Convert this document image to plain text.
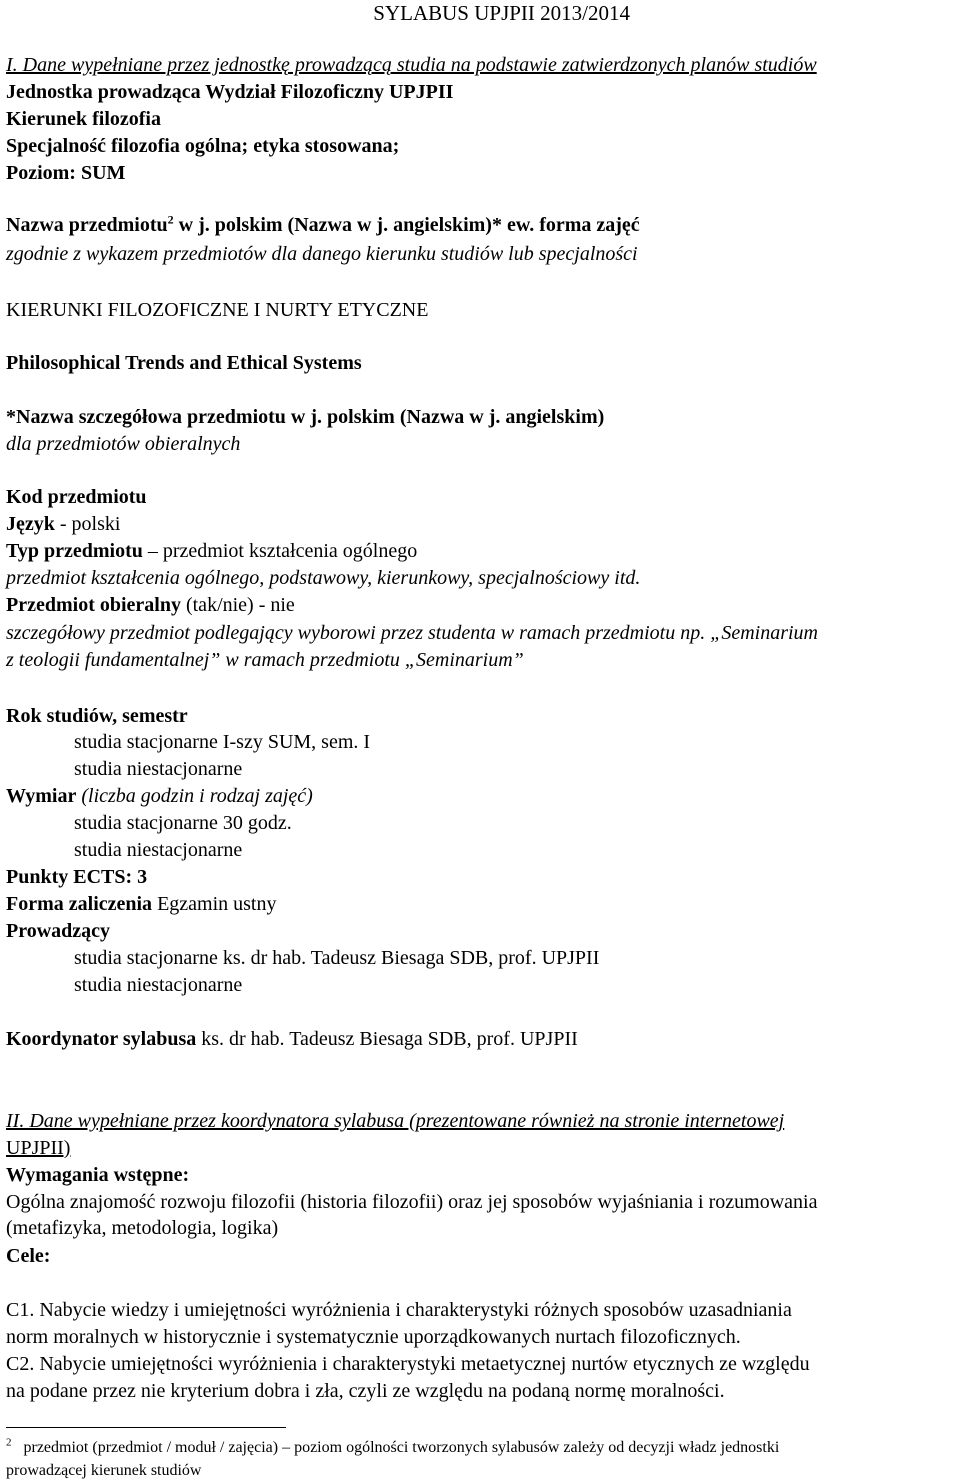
SYLABUS UPJPII 2013/2014
I. Dane wypełniane przez jednostkę prowadzącą studia na podstawie zatwierdzonych planów studiów
Jednostka prowadząca Wydział Filozoficzny UPJPII
Kierunek filozofia
Specjalność filozofia ogólna; etyka stosowana;
Poziom: SUM
Nazwa przedmiotu$^2$ w j. polskim (Nazwa w j. angielskim)* ew. forma zajęć
zgodnie z wykazem przedmiotów dla danego kierunku studiów lub specjalności
KIERUNKI FILOZOFICZNE I NURTY ETYCZNE
Philosophical Trends and Ethical Systems
*Nazwa szczegółowa przedmiotu w j. polskim (Nazwa w j. angielskim)
dla przedmiotów obieralnych
Kod przedmiotu
Język - polski
Typ przedmiotu – przedmiot kształcenia ogólnego
przedmiot kształcenia ogólnego, podstawowy, kierunkowy, specjalnościowy itd.
Przedmiot obieralny (tak/nie) - nie
szczegółowy przedmiot podlegający wyborowi przez studenta w ramach przedmiotu np. „Seminarium
z teologii fundamentalnej” w ramach przedmiotu „Seminarium”
Rok studiów, semestr
studia stacjonarne I-szy SUM, sem. I
studia niestacjonarne
Wymiar (liczba godzin i rodzaj zajęć)
studia stacjonarne 30 godz.
studia niestacjonarne
Punkty ECTS: 3
Forma zaliczenia Egzamin ustny
Prowadzący
studia stacjonarne ks. dr hab. Tadeusz Biesaga SDB, prof. UPJPII
studia niestacjonarne
Koordynator sylabusa ks. dr hab. Tadeusz Biesaga SDB, prof. UPJPII
II. Dane wypełniane przez koordynatora sylabusa (prezentowane również na stronie internetowej
UPJPII)
Wymagania wstępne:
Ogólna znajomość rozwoju filozofii (historia filozofii) oraz jej sposobów wyjaśniania i rozumowania
(metafizyka, metodologia, logika)
Cele:
C1. Nabycie wiedzy i umiejętności wyróżnienia i charakterystyki różnych sposobów uzasadniania
norm moralnych w historycznie i systematycznie uporządkowanych nurtach filozoficznych.
C2. Nabycie umiejętności wyróżnienia i charakterystyki metaetycznej nurtów etycznych ze względu
na podane przez nie kryterium dobra i zła, czyli ze względu na podaną normę moralności.
$^2$ przedmiot (przedmiot / moduł / zajęcia) – poziom ogólności tworzonych sylabusów zależy od decyzji władz jednostki
prowadzącej kierunek studiów
